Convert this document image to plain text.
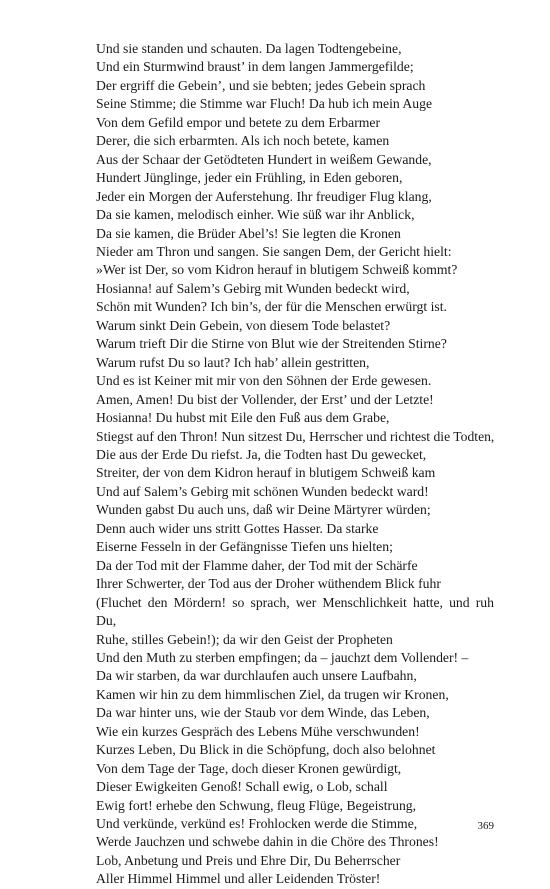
Und sie standen und schauten. Da lagen Todtengebeine,
Und ein Sturmwind braust’ in dem langen Jammergefilde;
Der ergriff die Gebein’, und sie bebten; jedes Gebein sprach
Seine Stimme; die Stimme war Fluch! Da hub ich mein Auge
Von dem Gefild empor und betete zu dem Erbarmer
Derer, die sich erbarmten. Als ich noch betete, kamen
Aus der Schaar der Getödteten Hundert in weißem Gewande,
Hundert Jünglinge, jeder ein Frühling, in Eden geboren,
Jeder ein Morgen der Auferstehung. Ihr freudiger Flug klang,
Da sie kamen, melodisch einher. Wie süß war ihr Anblick,
Da sie kamen, die Brüder Abel’s! Sie legten die Kronen
Nieder am Thron und sangen. Sie sangen Dem, der Gericht hielt:
»Wer ist Der, so vom Kidron herauf in blutigem Schweiß kommt?
Hosianna! auf Salem’s Gebirg mit Wunden bedeckt wird,
Schön mit Wunden? Ich bin’s, der für die Menschen erwürgt ist.
Warum sinkt Dein Gebein, von diesem Tode belastet?
Warum trieft Dir die Stirne von Blut wie der Streitenden Stirne?
Warum rufst Du so laut? Ich hab’ allein gestritten,
Und es ist Keiner mit mir von den Söhnen der Erde gewesen.
Amen, Amen! Du bist der Vollender, der Erst’ und der Letzte!
Hosianna! Du hubst mit Eile den Fuß aus dem Grabe,
Stiegst auf den Thron! Nun sitzest Du, Herrscher und richtest die Todten,
Die aus der Erde Du riefst. Ja, die Todten hast Du gewecket,
Streiter, der von dem Kidron herauf in blutigem Schweiß kam
Und auf Salem’s Gebirg mit schönen Wunden bedeckt ward!
Wunden gabst Du auch uns, daß wir Deine Märtyrer würden;
Denn auch wider uns stritt Gottes Hasser. Da starke
Eiserne Fesseln in der Gefängnisse Tiefen uns hielten;
Da der Tod mit der Flamme daher, der Tod mit der Schärfe
Ihrer Schwerter, der Tod aus der Droher wüthendem Blick fuhr
(Fluchet den Mördern! so sprach, wer Menschlichkeit hatte, und ruh
Du,
Ruhe, stilles Gebein!); da wir den Geist der Propheten
Und den Muth zu sterben empfingen; da – jauchzt dem Vollender! –
Da wir starben, da war durchlaufen auch unsere Laufbahn,
Kamen wir hin zu dem himmlischen Ziel, da trugen wir Kronen,
Da war hinter uns, wie der Staub vor dem Winde, das Leben,
Wie ein kurzes Gespräch des Lebens Mühe verschwunden!
Kurzes Leben, Du Blick in die Schöpfung, doch also belohnet
Von dem Tage der Tage, doch dieser Kronen gewürdigt,
Dieser Ewigkeiten Genoß! Schall ewig, o Lob, schall
Ewig fort! erhebe den Schwung, fleug Flüge, Begeistrung,
Und verkünde, verkünd es! Frohlocken werde die Stimme,
Werde Jauchzen und schwebe dahin in die Chöre des Thrones!
Lob, Anbetung und Preis und Ehre Dir, Du Beherrscher
Aller Himmel Himmel und aller Leidenden Tröster!
369
